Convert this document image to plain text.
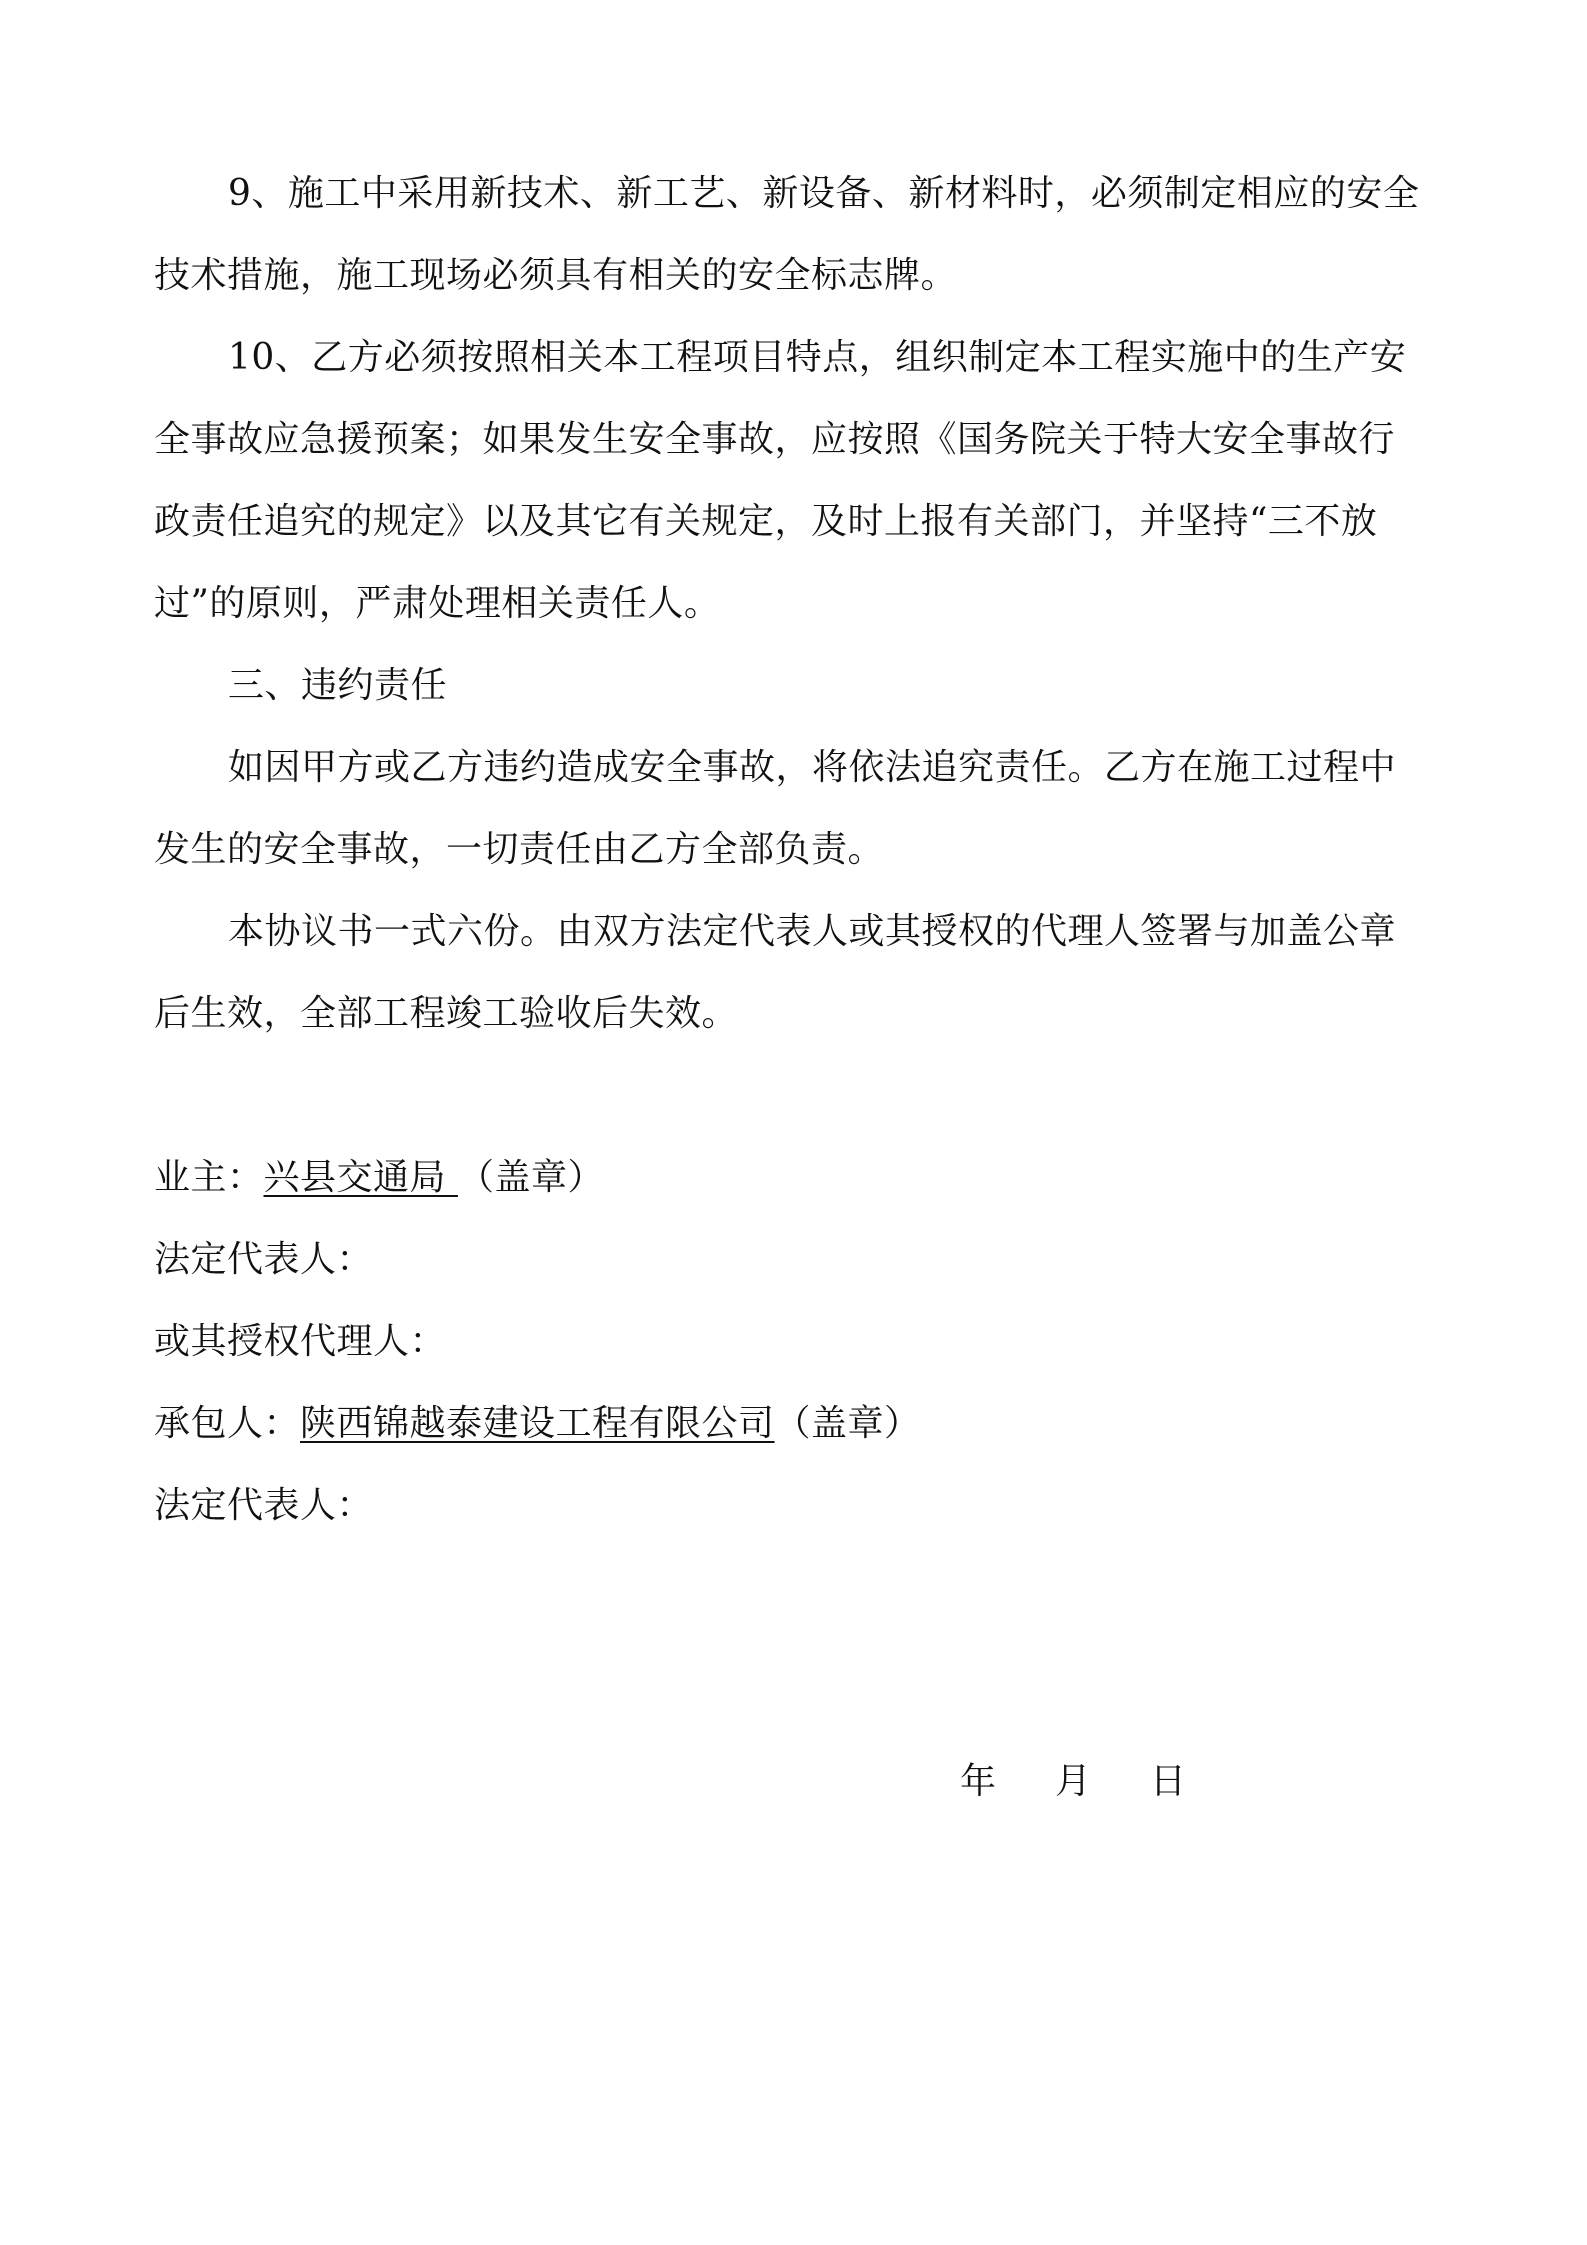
9、施工中采用新技术、新工艺、新设备、新材料时，必须制定相应的安全
技术措施，施工现场必须具有相关的安全标志牌。
10、乙方必须按照相关本工程项目特点，组织制定本工程实施中的生产安
全事故应急援预案；如果发生安全事故，应按照《国务院关于特大安全事故行
政责任追究的规定》以及其它有关规定，及时上报有关部门，并坚持“三不放
过”的原则，严肃处理相关责任人。
三、违约责任
如因甲方或乙方违约造成安全事故，将依法追究责任。乙方在施工过程中
发生的安全事故，一切责任由乙方全部负责。
本协议书一式六份。由双方法定代表人或其授权的代理人签署与加盖公章
后生效，全部工程竣工验收后失效。
业主：兴县交通局 （盖章）
法定代表人：
或其授权代理人：
承包人：陕西锦越泰建设工程有限公司（盖章）
法定代表人：
年 月 日
